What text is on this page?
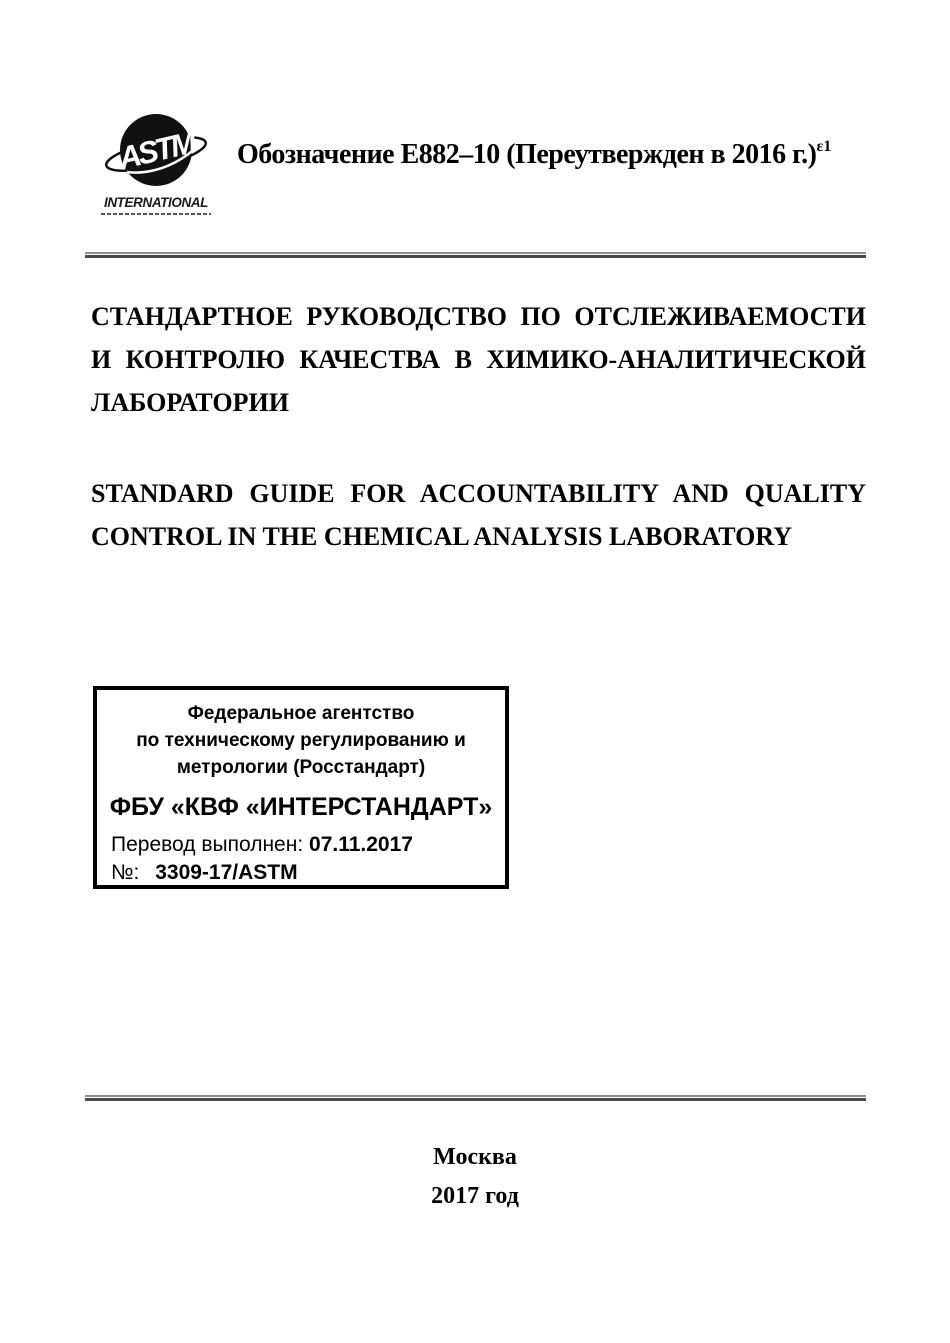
ASTM
INTERNATIONAL
Обозначение Е882–10 (Переутвержден в 2016 г.)$^{\varepsilon 1}$
СТАНДАРТНОЕ РУКОВОДСТВО ПО ОТСЛЕЖИВАЕМОСТИ
И КОНТРОЛЮ КАЧЕСТВА В ХИМИКО-АНАЛИТИЧЕСКОЙ
ЛАБОРАТОРИИ
STANDARD GUIDE FOR ACCOUNTABILITY AND QUALITY
CONTROL IN THE CHEMICAL ANALYSIS LABORATORY
Федеральное агентство
по техническому регулированию и
метрологии (Росстандарт)
ФБУ «КВФ «ИНТЕРСТАНДАРТ»
Перевод выполнен: 07.11.2017
№: 3309-17/ASTM
Москва
2017 год
